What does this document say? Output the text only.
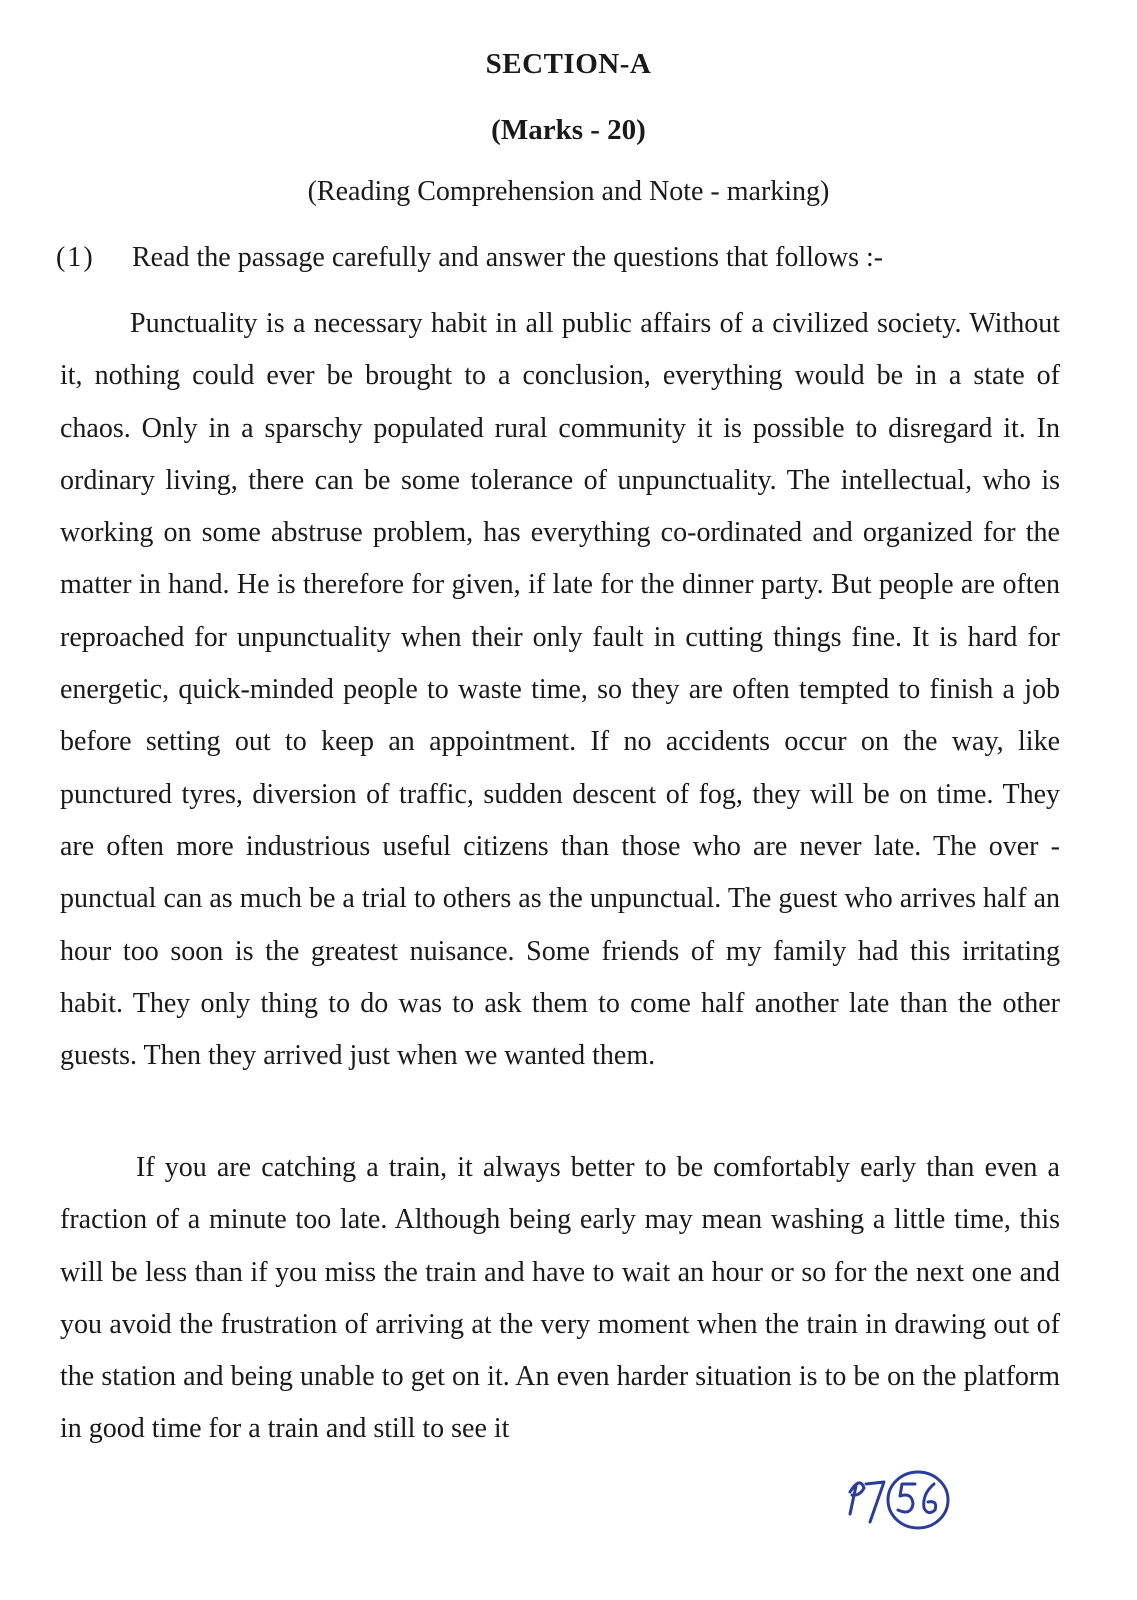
SECTION-A
(Marks - 20)

(Reading Comprehension and Note - marking)

(1) Read the passage carefully and answer the questions that follows :-

Punctuality is a necessary habit in all public affairs of a civilized society. Without it, nothing could ever be brought to a conclusion, everything would be in a state of chaos. Only in a sparschy populated rural community it is possible to disregard it. In ordinary living, there can be some tolerance of unpunctuality. The intellectual, who is working on some abstruse problem, has everything co-ordinated and organized for the matter in hand. He is therefore for given, if late for the dinner party. But people are often reproached for unpunctuality when their only fault in cutting things fine. It is hard for energetic, quick-minded people to waste time, so they are often tempted to finish a job before setting out to keep an appointment. If no accidents occur on the way, like punctured tyres, diversion of traffic, sudden descent of fog, they will be on time. They are often more industrious useful citizens than those who are never late. The over - punctual can as much be a trial to others as the unpunctual. The guest who arrives half an hour too soon is the greatest nuisance. Some friends of my family had this irritating habit. They only thing to do was to ask them to come half another late than the other guests. Then they arrived just when we wanted them.

If you are catching a train, it always better to be comfortably early than even a fraction of a minute too late. Although being early may mean washing a little time, this will be less than if you miss the train and have to wait an hour or so for the next one and you avoid the frustration of arriving at the very moment when the train in drawing out of the station and being unable to get on it. An even harder situation is to be on the platform in good time for a train and still to see it
